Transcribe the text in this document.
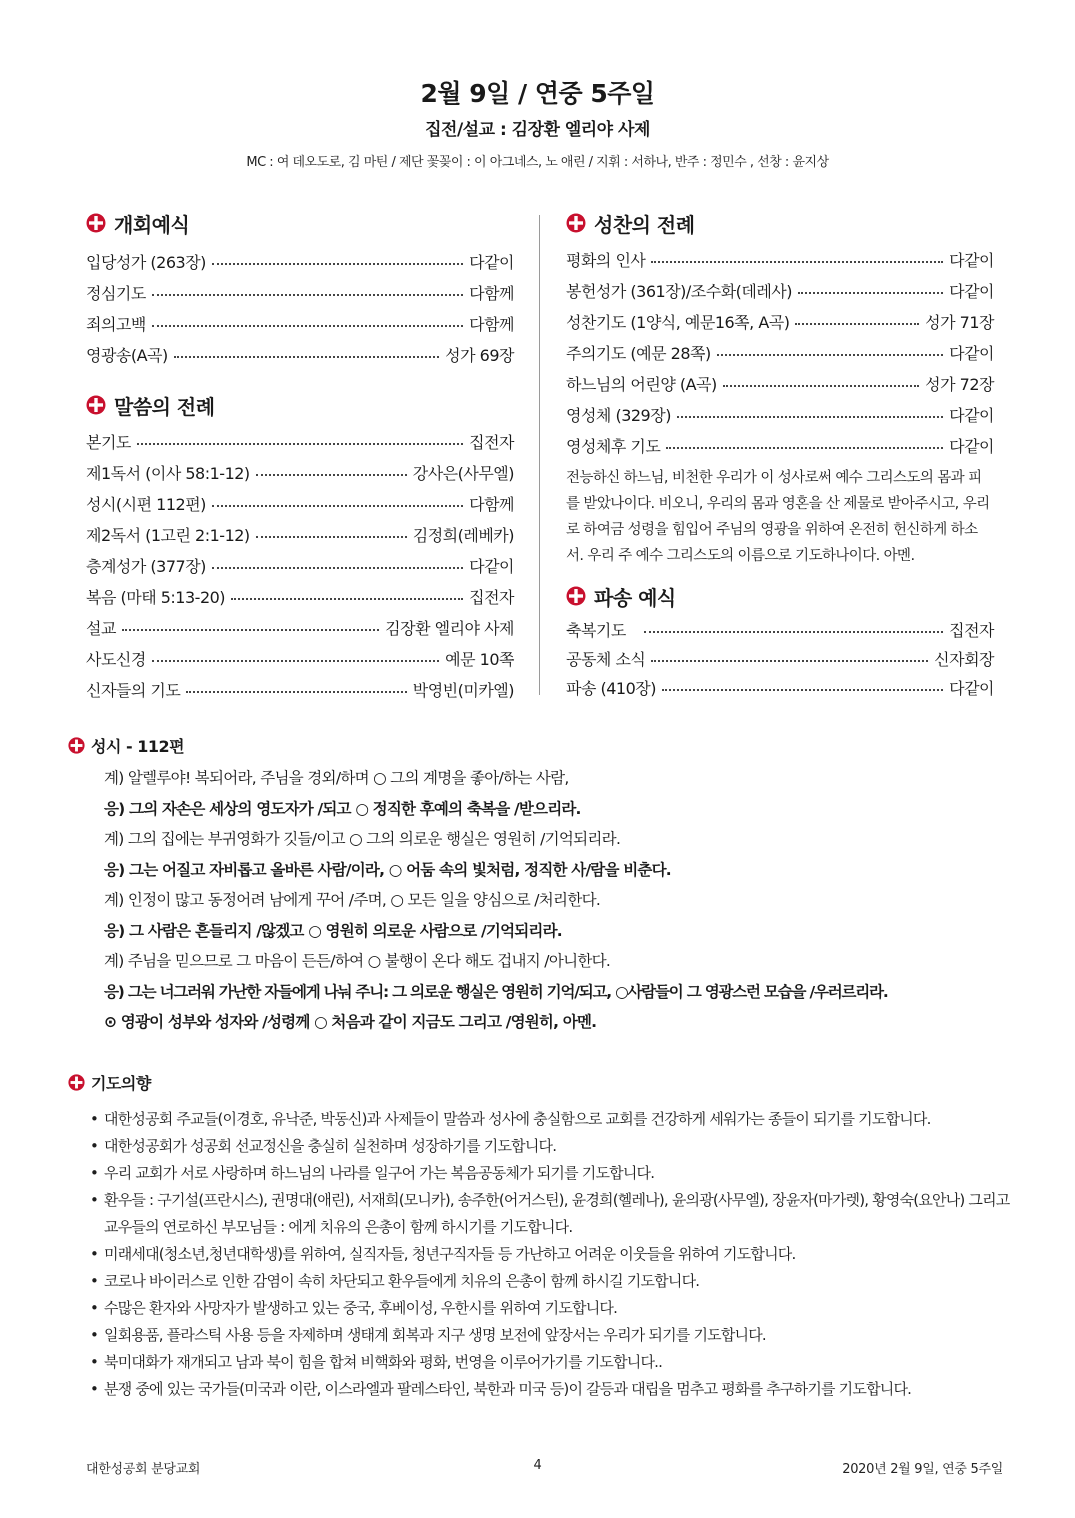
2월 9일 / 연중 5주일
집전/설교 : 김장환 엘리야 사제
MC : 여 데오도로, 김 마틴 / 제단 꽃꽂이 : 이 아그네스, 노 애린 / 지휘 : 서하나, 반주 : 정민수 , 선창 : 윤지상
개회예식
입당성가 (263장)	다같이
정심기도	다함께
죄의고백	다함께
영광송(A곡)	성가 69장
말씀의 전례
본기도	집전자
제1독서 (이사 58:1-12)	강사은(사무엘)
성시(시편 112편)	다함께
제2독서 (1고린 2:1-12)	김정희(레베카)
층계성가 (377장)	다같이
복음 (마태 5:13-20)	집전자
설교	김장환 엘리야 사제
사도신경	예문 10쪽
신자들의 기도	박영빈(미카엘)
성찬의 전례
평화의 인사	다같이
봉헌성가 (361장)/조수화(데레사)	다같이
성찬기도 (1양식, 예문16쪽, A곡)	성가 71장
주의기도 (예문 28쪽)	다같이
하느님의 어린양 (A곡)	성가 72장
영성체 (329장)	다같이
영성체후 기도	다같이

전능하신 하느님, 비천한 우리가 이 성사로써 예수 그리스도의 몸과 피를 받았나이다. 비오니, 우리의 몸과 영혼을 산 제물로 받아주시고, 우리로 하여금 성령을 힘입어 주님의 영광을 위하여 온전히 헌신하게 하소서. 우리 주 예수 그리스도의 이름으로 기도하나이다. 아멘.

파송 예식
축복기도	집전자
공동체 소식	신자회장
파송 (410장)	다같이
성시 - 112편
계) 알렐루야! 복되어라, 주님을 경외/하며 ○ 그의 계명을 좋아/하는 사람,
응) 그의 자손은 세상의 영도자가 /되고 ○ 정직한 후예의 축복을 /받으리라.
계) 그의 집에는 부귀영화가 깃들/이고 ○ 그의 의로운 행실은 영원히 /기억되리라.
응) 그는 어질고 자비롭고 올바른 사람/이라, ○ 어둠 속의 빛처럼, 정직한 사/람을 비춘다.
계) 인정이 많고 동정어려 남에게 꾸어 /주며, ○ 모든 일을 양심으로 /처리한다.
응) 그 사람은 흔들리지 /않겠고 ○ 영원히 의로운 사람으로 /기억되리라.
계) 주님을 믿으므로 그 마음이 든든/하여 ○ 불행이 온다 해도 겁내지 /아니한다.
응) 그는 너그러워 가난한 자들에게 나눠 주니: 그 의로운 행실은 영원히 기억/되고, ○사람들이 그 영광스런 모습을 /우러르리라.
⊙ 영광이 성부와 성자와 /성령께 ○ 처음과 같이 지금도 그리고 /영원히, 아멘.
기도의향
• 대한성공회 주교들(이경호, 유낙준, 박동신)과 사제들이 말씀과 성사에 충실함으로 교회를 건강하게 세워가는 종들이 되기를 기도합니다.
• 대한성공회가 성공회 선교정신을 충실히 실천하며 성장하기를 기도합니다.
• 우리 교회가 서로 사랑하며 하느님의 나라를 일구어 가는 복음공동체가 되기를 기도합니다.
• 환우들 : 구기설(프란시스), 권명대(애린), 서재희(모니카), 송주한(어거스틴), 윤경희(헬레나), 윤의광(사무엘), 장윤자(마가렛), 황영숙(요안나) 그리고 교우들의 연로하신 부모님들 : 에게 치유의 은총이 함께 하시기를 기도합니다.
• 미래세대(청소년,청년대학생)를 위하여, 실직자들, 청년구직자들 등 가난하고 어려운 이웃들을 위하여 기도합니다.
• 코로나 바이러스로 인한 감염이 속히 차단되고 환우들에게 치유의 은총이 함께 하시길 기도합니다.
• 수많은 환자와 사망자가 발생하고 있는 중국, 후베이성, 우한시를 위하여 기도합니다.
• 일회용품, 플라스틱 사용 등을 자제하며 생태계 회복과 지구 생명 보전에 앞장서는 우리가 되기를 기도합니다.
• 북미대화가 재개되고 남과 북이 힘을 합쳐 비핵화와 평화, 번영을 이루어가기를 기도합니다..
• 분쟁 중에 있는 국가들(미국과 이란, 이스라엘과 팔레스타인, 북한과 미국 등)이 갈등과 대립을 멈추고 평화를 추구하기를 기도합니다.
대한성공회 분당교회	4	2020년 2월 9일, 연중 5주일
